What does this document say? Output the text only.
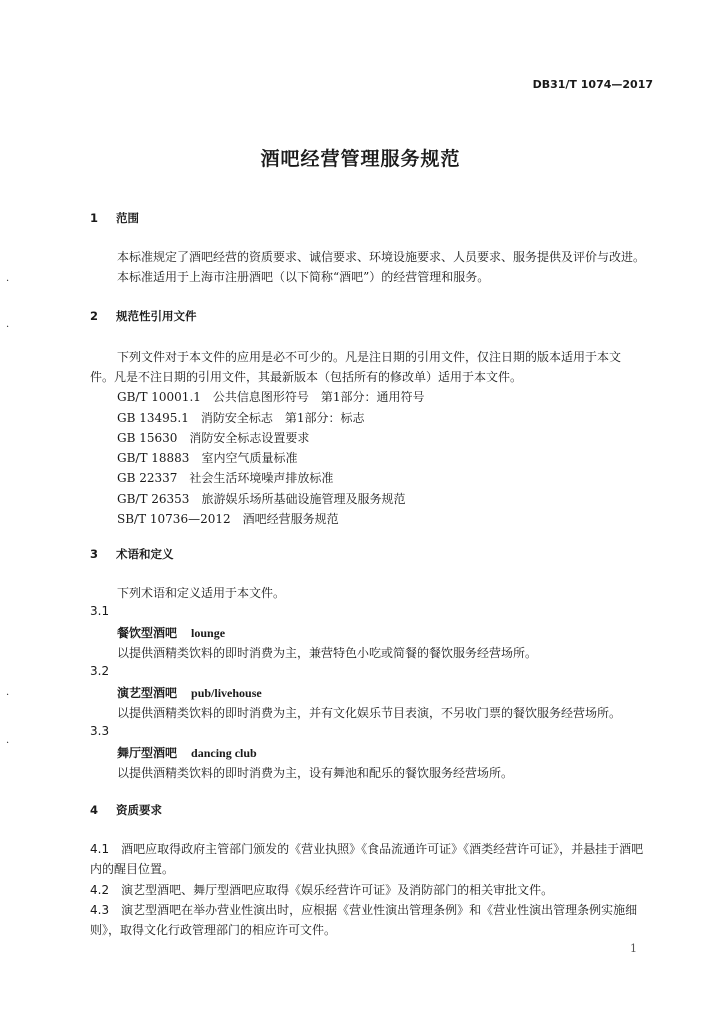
DB31/T 1074—2017
酒吧经营管理服务规范
·
·
·
·
1 范围
本标准规定了酒吧经营的资质要求、诚信要求、环境设施要求、人员要求、服务提供及评价与改进。
本标准适用于上海市注册酒吧（以下简称“酒吧”）的经营管理和服务。
2 规范性引用文件
下列文件对于本文件的应用是必不可少的。凡是注日期的引用文件，仅注日期的版本适用于本文
件。凡是不注日期的引用文件，其最新版本（包括所有的修改单）适用于本文件。
GB/T 10001.1　公共信息图形符号　第1部分：通用符号
GB 13495.1　消防安全标志　第1部分：标志
GB 15630　消防安全标志设置要求
GB/T 18883　室内空气质量标准
GB 22337　社会生活环境噪声排放标准
GB/T 26353　旅游娱乐场所基础设施管理及服务规范
SB/T 10736—2012　酒吧经营服务规范
3 术语和定义
下列术语和定义适用于本文件。
3.1
餐饮型酒吧 lounge
以提供酒精类饮料的即时消费为主，兼营特色小吃或简餐的餐饮服务经营场所。
3.2
演艺型酒吧 pub/livehouse
以提供酒精类饮料的即时消费为主，并有文化娱乐节目表演，不另收门票的餐饮服务经营场所。
3.3
舞厅型酒吧 dancing club
以提供酒精类饮料的即时消费为主，设有舞池和配乐的餐饮服务经营场所。
4 资质要求
4.1　酒吧应取得政府主管部门颁发的《营业执照》《食品流通许可证》《酒类经营许可证》，并悬挂于酒吧
内的醒目位置。
4.2　演艺型酒吧、舞厅型酒吧应取得《娱乐经营许可证》及消防部门的相关审批文件。
4.3　演艺型酒吧在举办营业性演出时，应根据《营业性演出管理条例》和《营业性演出管理条例实施细
则》，取得文化行政管理部门的相应许可文件。
1
